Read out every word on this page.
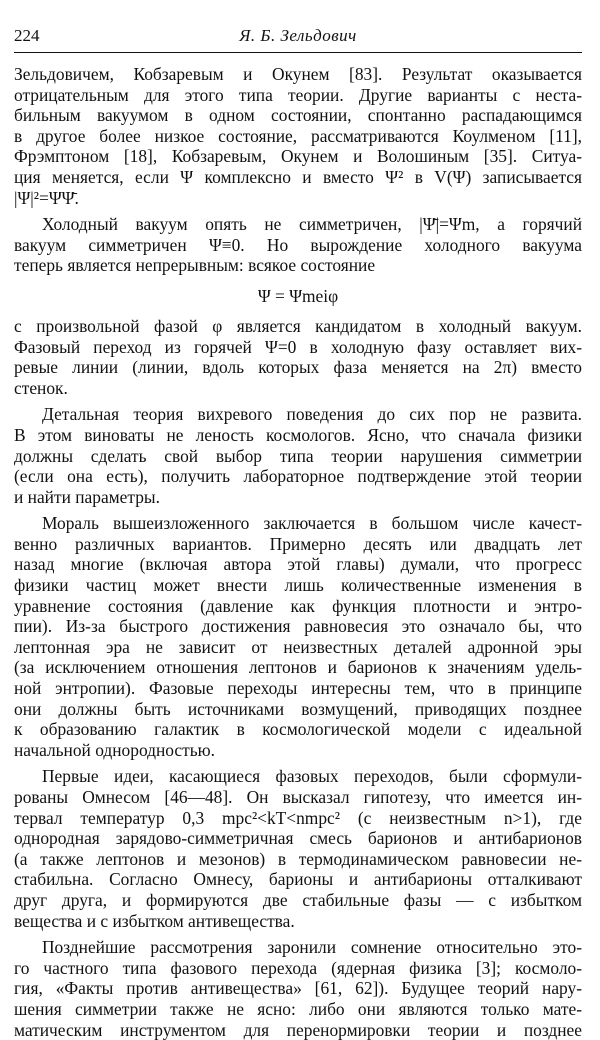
224	Я. Б. Зельдович
Зельдовичем, Кобзаревым и Окунем [83]. Результат оказывается
отрицательным для этого типа теории. Другие варианты с неста-
бильным вакуумом в одном состоянии, спонтанно распадающимся
в другое более низкое состояние, рассматриваются Коулменом [11],
Фрэмптоном [18], Кобзаревым, Окунем и Волошиным [35]. Ситуа-
ция меняется, если Ψ комплексно и вместо Ψ² в V(Ψ) записывается
|Ψ|²=ΨΨ̄.
Холодный вакуум опять не симметричен, |Ψ̄|=Ψm, а горячий
вакуум симметричен Ψ≡0. Но вырождение холодного вакуума
теперь является непрерывным: всякое состояние
Ψ = Ψmeiφ
с произвольной фазой φ является кандидатом в холодный вакуум.
Фазовый переход из горячей Ψ=0 в холодную фазу оставляет вих-
ревые линии (линии, вдоль которых фаза меняется на 2π) вместо
стенок.
Детальная теория вихревого поведения до сих пор не развита.
В этом виноваты не леность космологов. Ясно, что сначала физики
должны сделать свой выбор типа теории нарушения симметрии
(если она есть), получить лабораторное подтверждение этой теории
и найти параметры.
Мораль вышеизложенного заключается в большом числе качест-
венно различных вариантов. Примерно десять или двадцать лет
назад многие (включая автора этой главы) думали, что прогресс
физики частиц может внести лишь количественные изменения в
уравнение состояния (давление как функция плотности и энтро-
пии). Из-за быстрого достижения равновесия это означало бы, что
лептонная эра не зависит от неизвестных деталей адронной эры
(за исключением отношения лептонов и барионов к значениям удель-
ной энтропии). Фазовые переходы интересны тем, что в принципе
они должны быть источниками возмущений, приводящих позднее
к образованию галактик в космологической модели с идеальной
начальной однородностью.
Первые идеи, касающиеся фазовых переходов, были сформули-
рованы Омнесом [46—48]. Он высказал гипотезу, что имеется ин-
тервал температур 0,3 mpc²<kT<nmpc² (с неизвестным n>1), где
однородная зарядово-симметричная смесь барионов и антибарионов
(а также лептонов и мезонов) в термодинамическом равновесии не-
стабильна. Согласно Омнесу, барионы и антибарионы отталкивают
друг друга, и формируются две стабильные фазы — с избытком
вещества и с избытком антивещества.
Позднейшие рассмотрения заронили сомнение относительно это-
го частного типа фазового перехода (ядерная физика [3]; космоло-
гия, «Факты против антивещества» [61, 62]). Будущее теорий нару-
шения симметрии также не ясно: либо они являются только мате-
матическим инструментом для перенормировки теории и позднее
